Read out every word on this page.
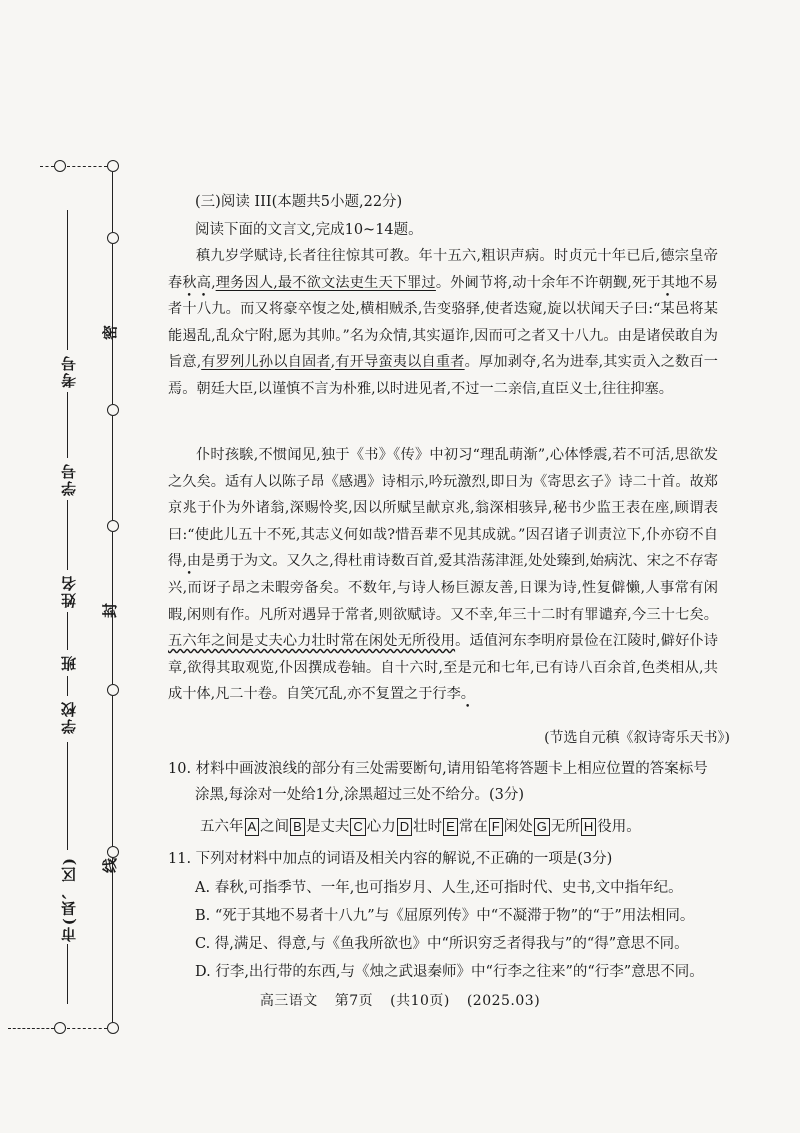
密
封
线
考号
学号
姓名
班
学校
市(县、区)
(三)阅读 III(本题共5小题,22分)
阅读下面的文言文,完成10~14题。

稹九岁学赋诗,长者往往惊其可教。年十五六,粗识声病。时贞元十年已后,德宗皇帝春秋高,理务因人,最不欲文法吏生天下罪过。外阃节将,动十余年不许朝觐,死于其地不易者十八九。而又将豪卒愎之处,横相贼杀,告变骆驿,使者迭窥,旋以状闻天子曰:“某邑将某能遏乱,乱众宁附,愿为其帅。”名为众情,其实逼诈,因而可之者又十八九。由是诸侯敢自为旨意,有罗列儿孙以自固者,有开导蛮夷以自重者。厚加剥夺,名为进奉,其实贡入之数百一焉。朝廷大臣,以谨慎不言为朴雅,以时进见者,不过一二亲信,直臣义士,往往抑塞。

仆时孩騃,不惯闻见,独于《书》《传》中初习“理乱萌渐”,心体悸震,若不可活,思欲发之久矣。适有人以陈子昂《感遇》诗相示,吟玩激烈,即日为《寄思玄子》诗二十首。故郑京兆于仆为外诸翁,深赐怜奖,因以所赋呈献京兆,翁深相骇异,秘书少监王表在座,顾谓表曰:“使此儿五十不死,其志义何如哉?惜吾辈不见其成就。”因召诸子训责泣下,仆亦窃不自得,由是勇于为文。又久之,得杜甫诗数百首,爱其浩荡津涯,处处臻到,始病沈、宋之不存寄兴,而讶子昂之未暇旁备矣。不数年,与诗人杨巨源友善,日课为诗,性复僻懒,人事常有闲暇,闲则有作。凡所对遇异于常者,则欲赋诗。又不幸,年三十二时有罪谴弃,今三十七矣。五六年之间是丈夫心力壮时常在闲处无所役用。适值河东李明府景俭在江陵时,僻好仆诗章,欲得其取观览,仆因撰成卷轴。自十六时,至是元和七年,已有诗八百余首,色类相从,共成十体,凡二十卷。自笑冗乱,亦不复置之于行李。

(节选自元稹《叙诗寄乐天书》)
10. 材料中画波浪线的部分有三处需要断句,请用铅笔将答题卡上相应位置的答案标号
涂黑,每涂对一处给1分,涂黑超过三处不给分。(3分)
五六年 A 之间 B 是丈夫 C 心力 D 壮时 E 常在 F 闲处 G 无所 H 役用。
11. 下列对材料中加点的词语及相关内容的解说,不正确的一项是(3分)
A. 春秋,可指季节、一年,也可指岁月、人生,还可指时代、史书,文中指年纪。
B. “死于其地不易者十八九”与《屈原列传》中“不凝滞于物”的“于”用法相同。
C. 得,满足、得意,与《鱼我所欲也》中“所识穷乏者得我与”的“得”意思不同。
D. 行李,出行带的东西,与《烛之武退秦师》中“行李之往来”的“行李”意思不同。
高三语文 第7页 (共10页) (2025.03)
